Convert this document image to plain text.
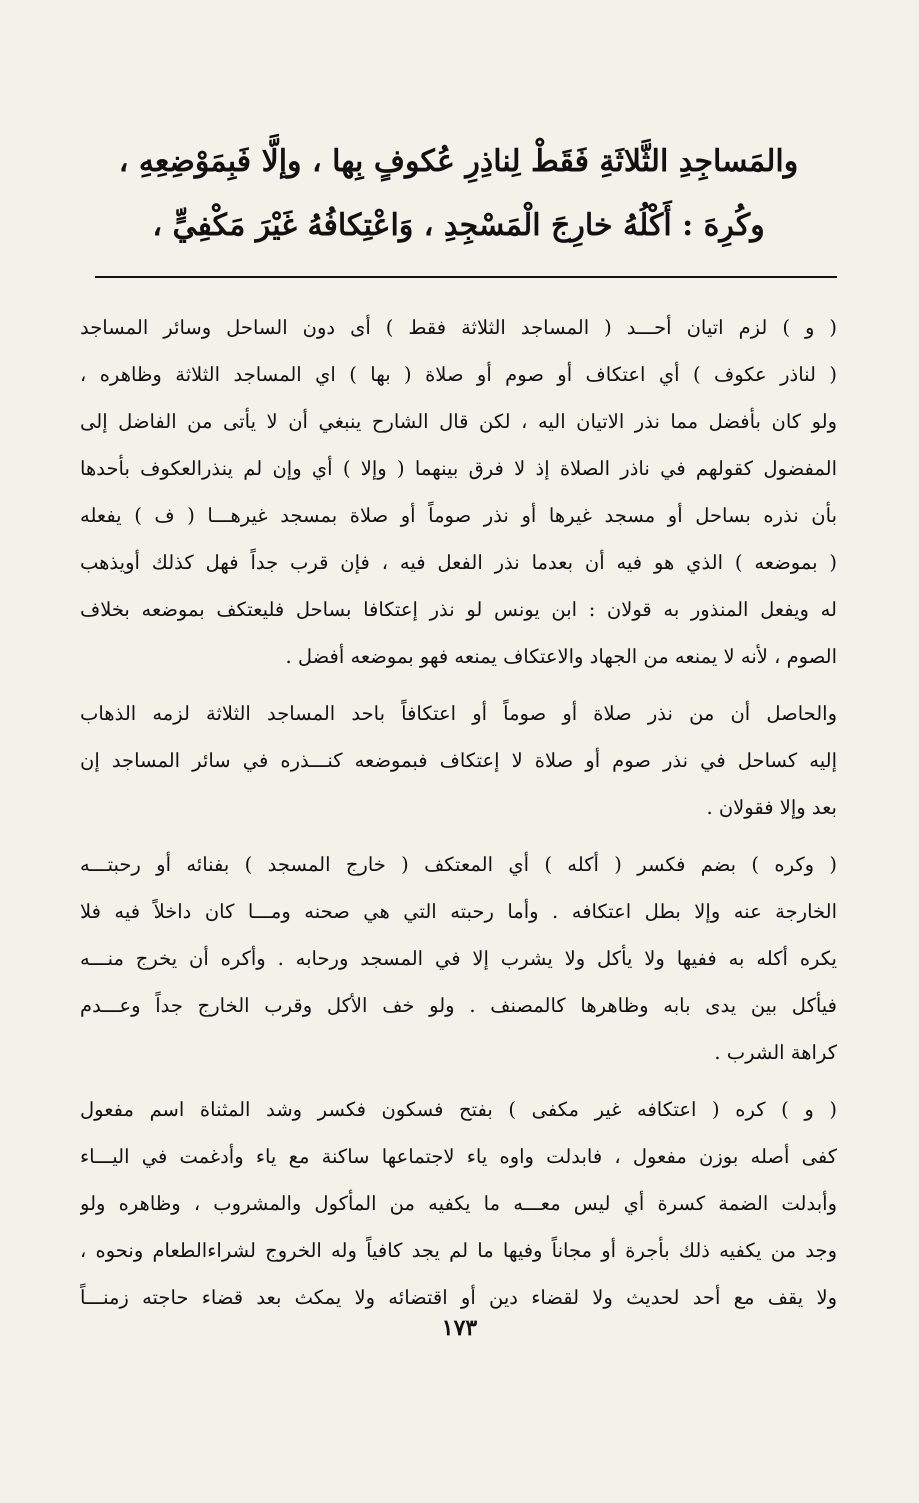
والمَساجِدِ الثَّلاثَةِ فَقَطْ لِناذِرِ عُكوفٍ بِها ، وإلَّا فَبِمَوْضِعِهِ ،
وكُرِهَ : أَكْلُهُ خارِجَ الْمَسْجِدِ ، وَاعْتِكافُهُ غَيْرَ مَكْفِيٍّ ،
( و ) لزم اتيان أحـــد ( المساجد الثلاثة فقط ) أى دون الساحل وسائر المساجد
( لناذر عكوف ) أي اعتكاف أو صوم أو صلاة ( بها ) اي المساجد الثلاثة وظاهره ،
ولو كان بأفضل مما نذر الاتيان اليه ، لكن قال الشارح ينبغي أن لا يأتى من الفاضل إلى
المفضول كقولهم في ناذر الصلاة إذ لا فرق بينهما ( وإلا ) أي وإن لم ينذرالعكوف بأحدها
بأن نذره بساحل أو مسجد غيرها أو نذر صوماً أو صلاة بمسجد غيرهـــا ( ف ) يفعله
( بموضعه ) الذي هو فيه أن بعدما نذر الفعل فيه ، فإن قرب جداً فهل كذلك أويذهب
له ويفعل المنذور به قولان : ابن يونس لو نذر إعتكافا بساحل فليعتكف بموضعه بخلاف
الصوم ، لأنه لا يمنعه من الجهاد والاعتكاف يمنعه فهو بموضعه أفضل .
والحاصل أن من نذر صلاة أو صوماً أو اعتكافاً باحد المساجد الثلاثة لزمه الذهاب
إليه كساحل في نذر صوم أو صلاة لا إعتكاف فبموضعه كنـــذره في سائر المساجد إن
بعد وإلا فقولان .
( وكره ) بضم فكسر ( أكله ) أي المعتكف ( خارج المسجد ) بفنائه أو رحبتـــه
الخارجة عنه وإلا بطل اعتكافه . وأما رحبته التي هي صحنه ومـــا كان داخلاً فيه فلا
يكره أكله به ففيها ولا يأكل ولا يشرب إلا في المسجد ورحابه . وأكره أن يخرج منـــه
فيأكل بين يدى بابه وظاهرها كالمصنف . ولو خف الأكل وقرب الخارج جداً وعـــدم
كراهة الشرب .
( و ) كره ( اعتكافه غير مكفى ) بفتح فسكون فكسر وشد المثناة اسم مفعول
كفى أصله بوزن مفعول ، فابدلت واوه ياء لاجتماعها ساكنة مع ياء وأدغمت في اليـــاء
وأبدلت الضمة كسرة أي ليس معـــه ما يكفيه من المأكول والمشروب ، وظاهره ولو
وجد من يكفيه ذلك بأجرة أو مجاناً وفيها ما لم يجد كافياً وله الخروج لشراءالطعام ونحوه ،
ولا يقف مع أحد لحديث ولا لقضاء دين أو اقتضائه ولا يمكث بعد قضاء حاجته زمنـــاً
١٧٣
